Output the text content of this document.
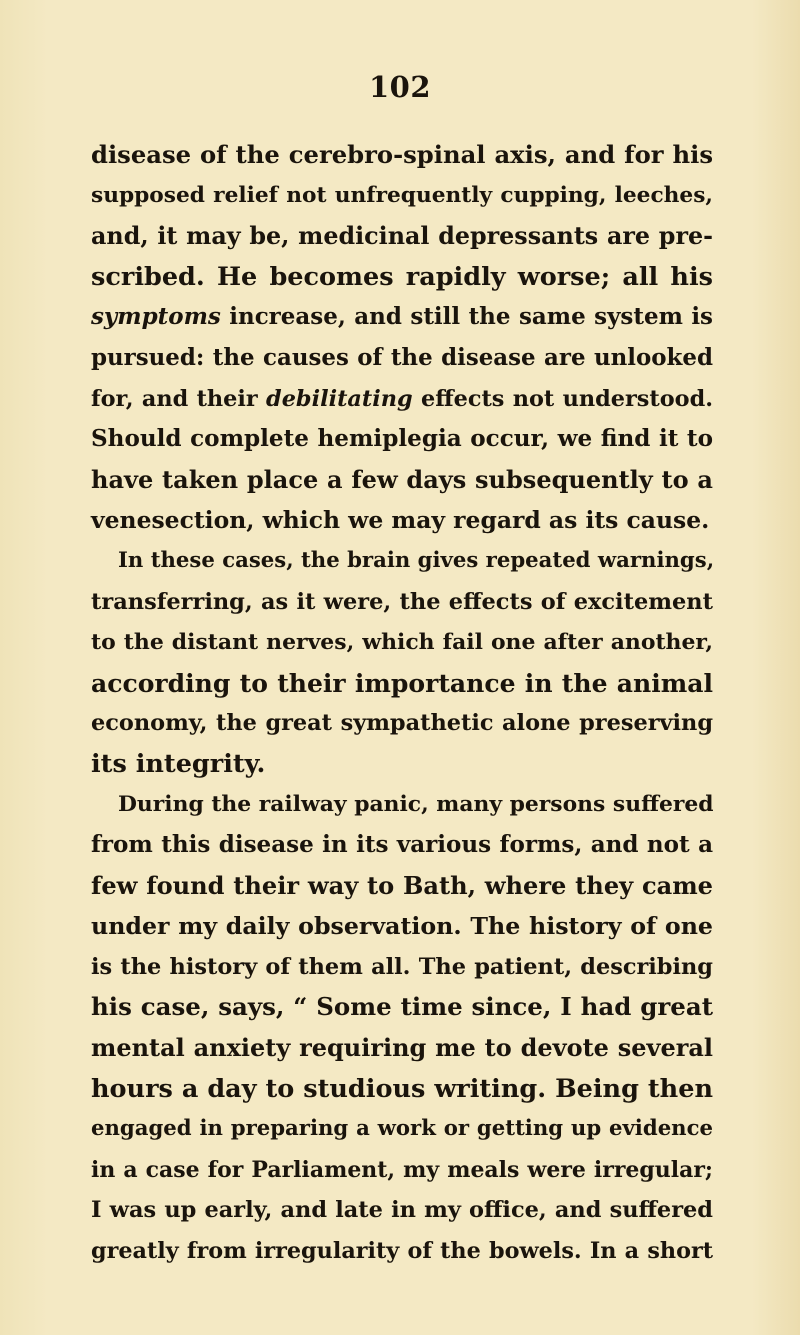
102
disease of the cerebro-spinal axis, and for his
supposed relief not unfrequently cupping, leeches,
and, it may be, medicinal depressants are pre-
scribed. He becomes rapidly worse; all his
symptoms increase, and still the same system is
pursued: the causes of the disease are unlooked
for, and their debilitating effects not understood.
Should complete hemiplegia occur, we find it to
have taken place a few days subsequently to a
venesection, which we may regard as its cause.
In these cases, the brain gives repeated warnings,
transferring, as it were, the effects of excitement
to the distant nerves, which fail one after another,
according to their importance in the animal
economy, the great sympathetic alone preserving
its integrity.
During the railway panic, many persons suffered
from this disease in its various forms, and not a
few found their way to Bath, where they came
under my daily observation. The history of one
is the history of them all. The patient, describing
his case, says, “ Some time since, I had great
mental anxiety requiring me to devote several
hours a day to studious writing. Being then
engaged in preparing a work or getting up evidence
in a case for Parliament, my meals were irregular;
I was up early, and late in my office, and suffered
greatly from irregularity of the bowels. In a short
